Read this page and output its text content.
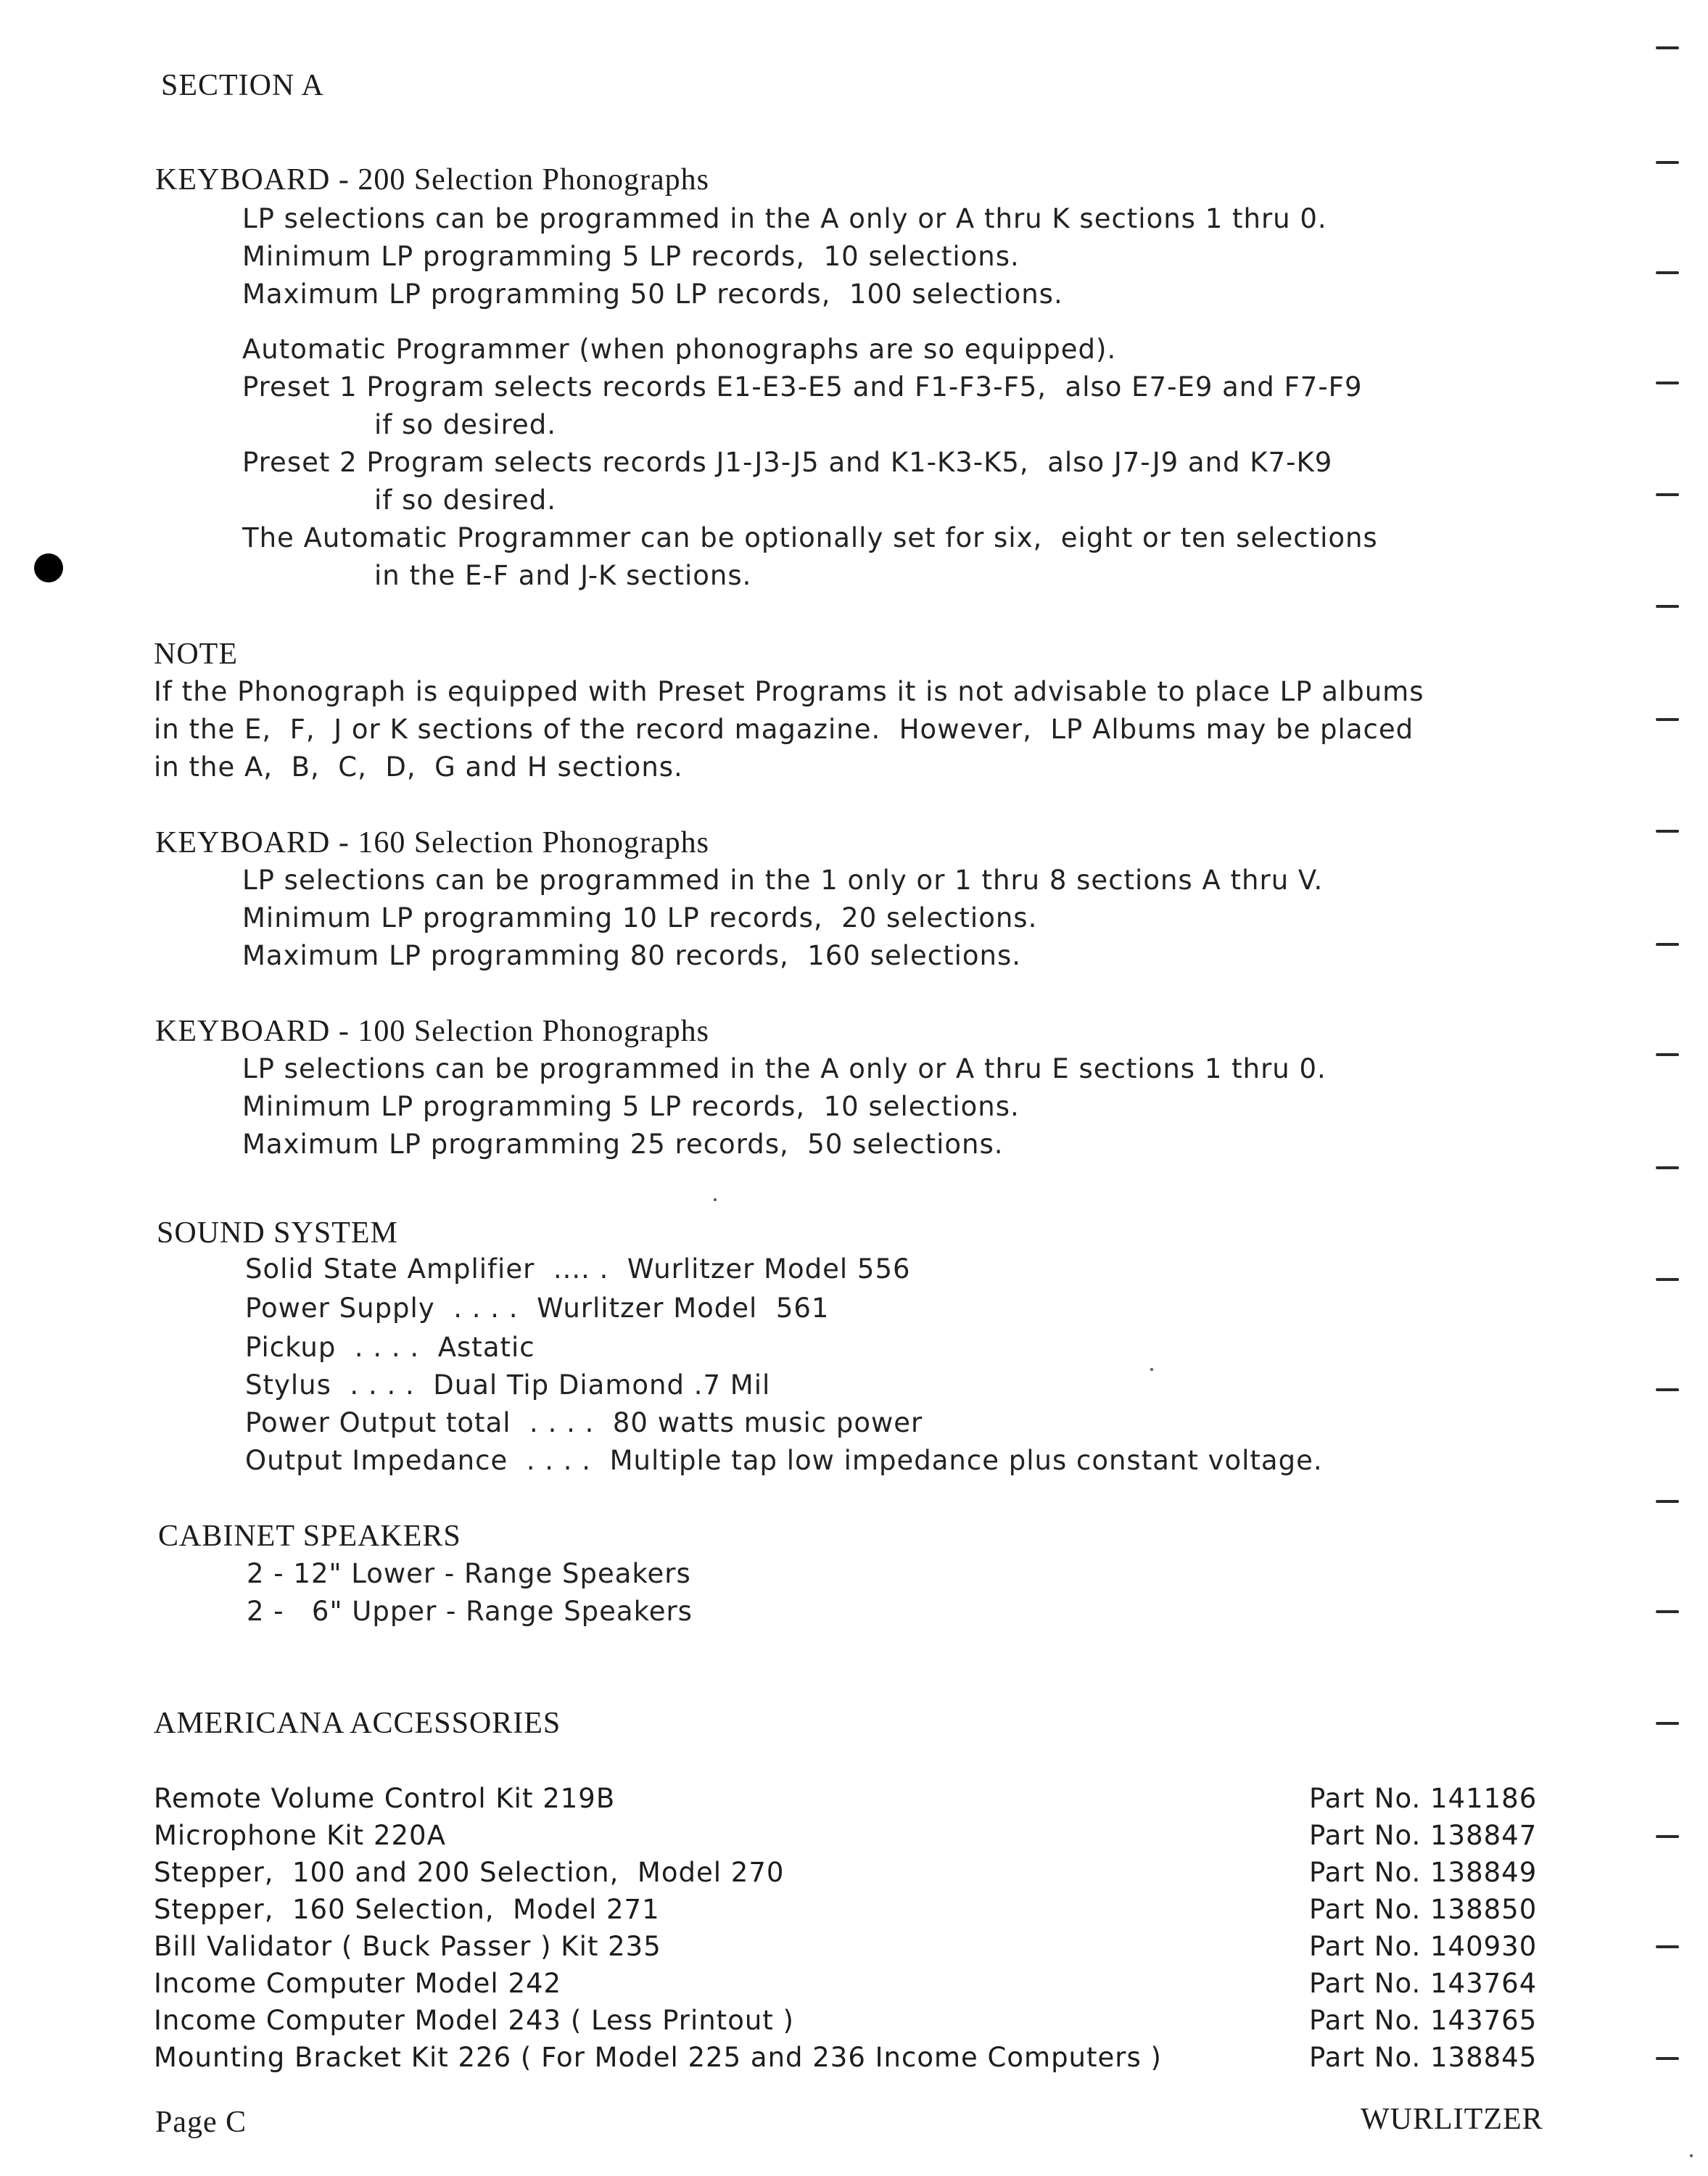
SECTION A
KEYBOARD - 200 Selection Phonographs
LP selections can be programmed in the A only or A thru K sections 1 thru 0.
Minimum LP programming 5 LP records,  10 selections.
Maximum LP programming 50 LP records,  100 selections.
Automatic Programmer (when phonographs are so equipped).
Preset 1 Program selects records E1-E3-E5 and F1-F3-F5,  also E7-E9 and F7-F9
if so desired.
Preset 2 Program selects records J1-J3-J5 and K1-K3-K5,  also J7-J9 and K7-K9
if so desired.
The Automatic Programmer can be optionally set for six,  eight or ten selections
in the E-F and J-K sections.
NOTE
If the Phonograph is equipped with Preset Programs it is not advisable to place LP albums
in the E,  F,  J or K sections of the record magazine.  However,  LP Albums may be placed
in the A,  B,  C,  D,  G and H sections.
KEYBOARD - 160 Selection Phonographs
LP selections can be programmed in the 1 only or 1 thru 8 sections A thru V.
Minimum LP programming 10 LP records,  20 selections.
Maximum LP programming 80 records,  160 selections.
KEYBOARD - 100 Selection Phonographs
LP selections can be programmed in the A only or A thru E sections 1 thru 0.
Minimum LP programming 5 LP records,  10 selections.
Maximum LP programming 25 records,  50 selections.
SOUND SYSTEM
Solid State Amplifier  .... .  Wurlitzer Model 556
Power Supply  . . . .  Wurlitzer Model  561
Pickup  . . . .  Astatic
Stylus  . . . .  Dual Tip Diamond .7 Mil
Power Output total  . . . .  80 watts music power
Output Impedance  . . . .  Multiple tap low impedance plus constant voltage.
CABINET SPEAKERS
2 - 12" Lower - Range Speakers
2 -   6" Upper - Range Speakers
AMERICANA ACCESSORIES
Remote Volume Control Kit 219B	Part No. 141186
Microphone Kit 220A	Part No. 138847
Stepper,  100 and 200 Selection,  Model 270	Part No. 138849
Stepper,  160 Selection,  Model 271	Part No. 138850
Bill Validator ( Buck Passer ) Kit 235	Part No. 140930
Income Computer Model 242	Part No. 143764
Income Computer Model 243 ( Less Printout )	Part No. 143765
Mounting Bracket Kit 226 ( For Model 225 and 236 Income Computers )	Part No. 138845
Page C	WURLITZER
